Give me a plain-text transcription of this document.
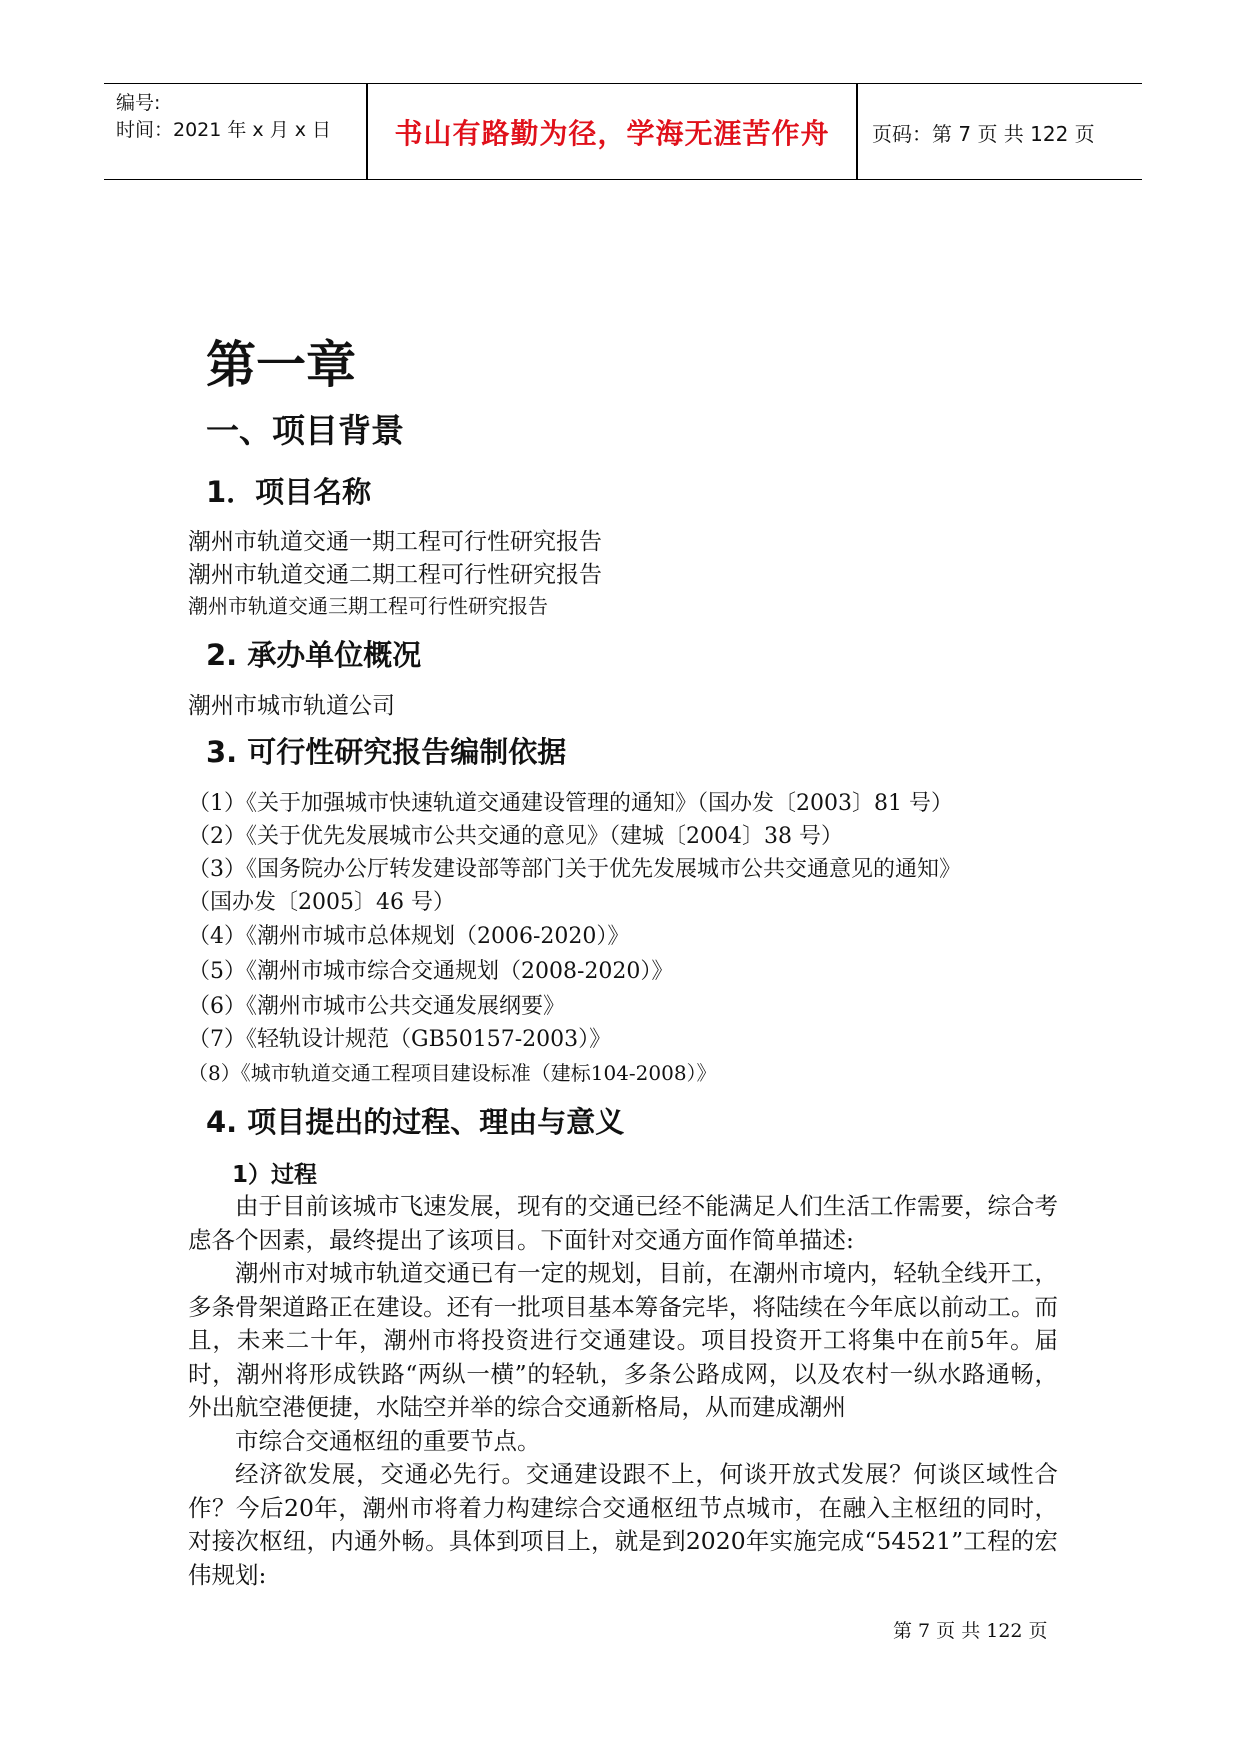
编号:
时间：2021 年 x 月 x 日	书山有路勤为径，学海无涯苦作舟	页码：第 7 页 共 122 页
第一章
一、项目背景
1．项目名称
潮州市轨道交通一期工程可行性研究报告
潮州市轨道交通二期工程可行性研究报告
潮州市轨道交通三期工程可行性研究报告
2. 承办单位概况
潮州市城市轨道公司
3. 可行性研究报告编制依据
（1）《关于加强城市快速轨道交通建设管理的通知》（国办发〔2003〕81 号）
（2）《关于优先发展城市公共交通的意见》（建城〔2004〕38 号）
（3）《国务院办公厅转发建设部等部门关于优先发展城市公共交通意见的通知》
（国办发〔2005〕46 号）
（4）《潮州市城市总体规划（2006-2020）》
（5）《潮州市城市综合交通规划（2008-2020）》
（6）《潮州市城市公共交通发展纲要》
（7）《轻轨设计规范（GB50157-2003）》
（8）《城市轨道交通工程项目建设标准（建标104-2008）》
4. 项目提出的过程、理由与意义
1）过程

由于目前该城市飞速发展，现有的交通已经不能满足人们生活工作需要，综合考虑各个因素，最终提出了该项目。下面针对交通方面作简单描述:

潮州市对城市轨道交通已有一定的规划，目前，在潮州市境内，轻轨全线开工，多条骨架道路正在建设。还有一批项目基本筹备完毕，将陆续在今年底以前动工。而且，未来二十年，潮州市将投资进行交通建设。项目投资开工将集中在前5年。届时，潮州将形成铁路“两纵一横”的轻轨，多条公路成网，以及农村一纵水路通畅，外出航空港便捷，水陆空并举的综合交通新格局，从而建成潮州

市综合交通枢纽的重要节点。

经济欲发展，交通必先行。交通建设跟不上，何谈开放式发展？何谈区域性合作？今后20年，潮州市将着力构建综合交通枢纽节点城市，在融入主枢纽的同时，对接次枢纽，内通外畅。具体到项目上，就是到2020年实施完成“54521”工程的宏伟规划:

第 7 页 共 122 页
